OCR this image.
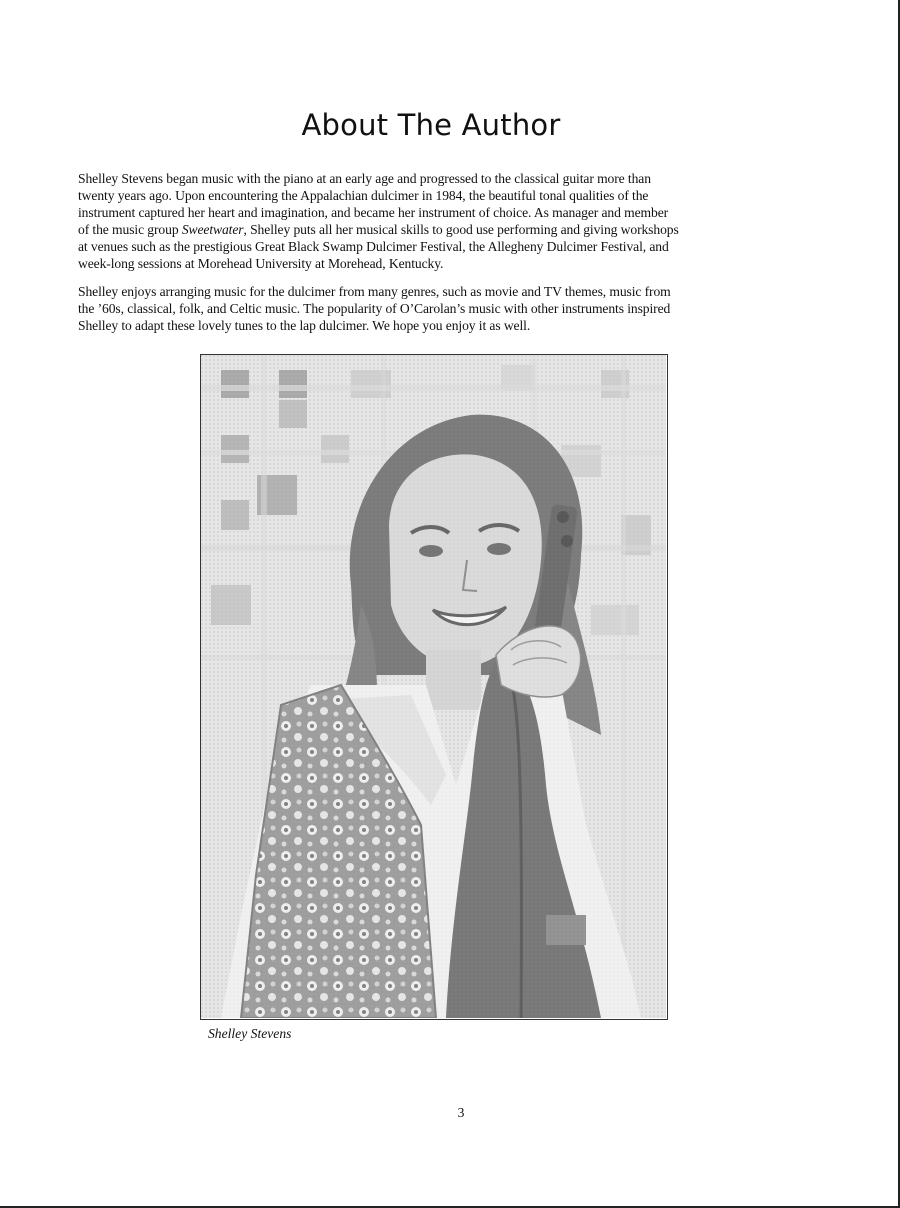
About The Author

Shelley Stevens began music with the piano at an early age and progressed to the classical guitar more than
twenty years ago. Upon encountering the Appalachian dulcimer in 1984, the beautiful tonal qualities of the
instrument captured her heart and imagination, and became her instrument of choice. As manager and member
of the music group Sweetwater, Shelley puts all her musical skills to good use performing and giving workshops
at venues such as the prestigious Great Black Swamp Dulcimer Festival, the Allegheny Dulcimer Festival, and
week-long sessions at Morehead University at Morehead, Kentucky.

Shelley enjoys arranging music for the dulcimer from many genres, such as movie and TV themes, music from
the ’60s, classical, folk, and Celtic music. The popularity of O’Carolan’s music with other instruments inspired
Shelley to adapt these lovely tunes to the lap dulcimer. We hope you enjoy it as well.

Shelley Stevens
3
